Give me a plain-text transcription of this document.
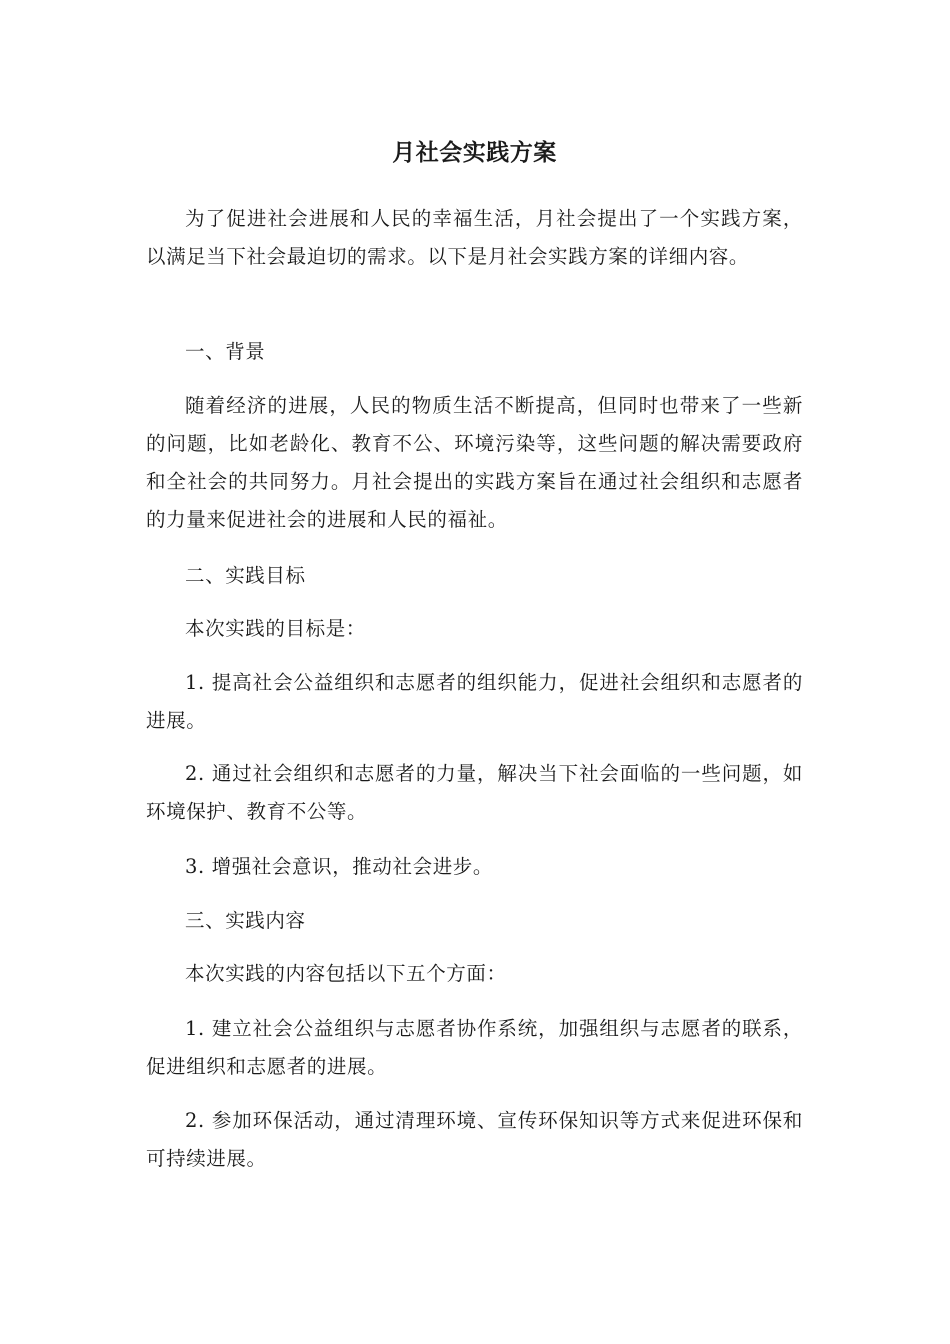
月社会实践方案

为了促进社会进展和人民的幸福生活，月社会提出了一个实践方案，以满足当下社会最迫切的需求。以下是月社会实践方案的详细内容。

一、背景

随着经济的进展，人民的物质生活不断提高，但同时也带来了一些新的问题，比如老龄化、教育不公、环境污染等，这些问题的解决需要政府和全社会的共同努力。月社会提出的实践方案旨在通过社会组织和志愿者的力量来促进社会的进展和人民的福祉。

二、实践目标

本次实践的目标是：

1. 提高社会公益组织和志愿者的组织能力，促进社会组织和志愿者的进展。

2. 通过社会组织和志愿者的力量，解决当下社会面临的一些问题，如环境保护、教育不公等。

3. 增强社会意识，推动社会进步。

三、实践内容

本次实践的内容包括以下五个方面：

1. 建立社会公益组织与志愿者协作系统，加强组织与志愿者的联系，促进组织和志愿者的进展。

2. 参加环保活动，通过清理环境、宣传环保知识等方式来促进环保和可持续进展。
